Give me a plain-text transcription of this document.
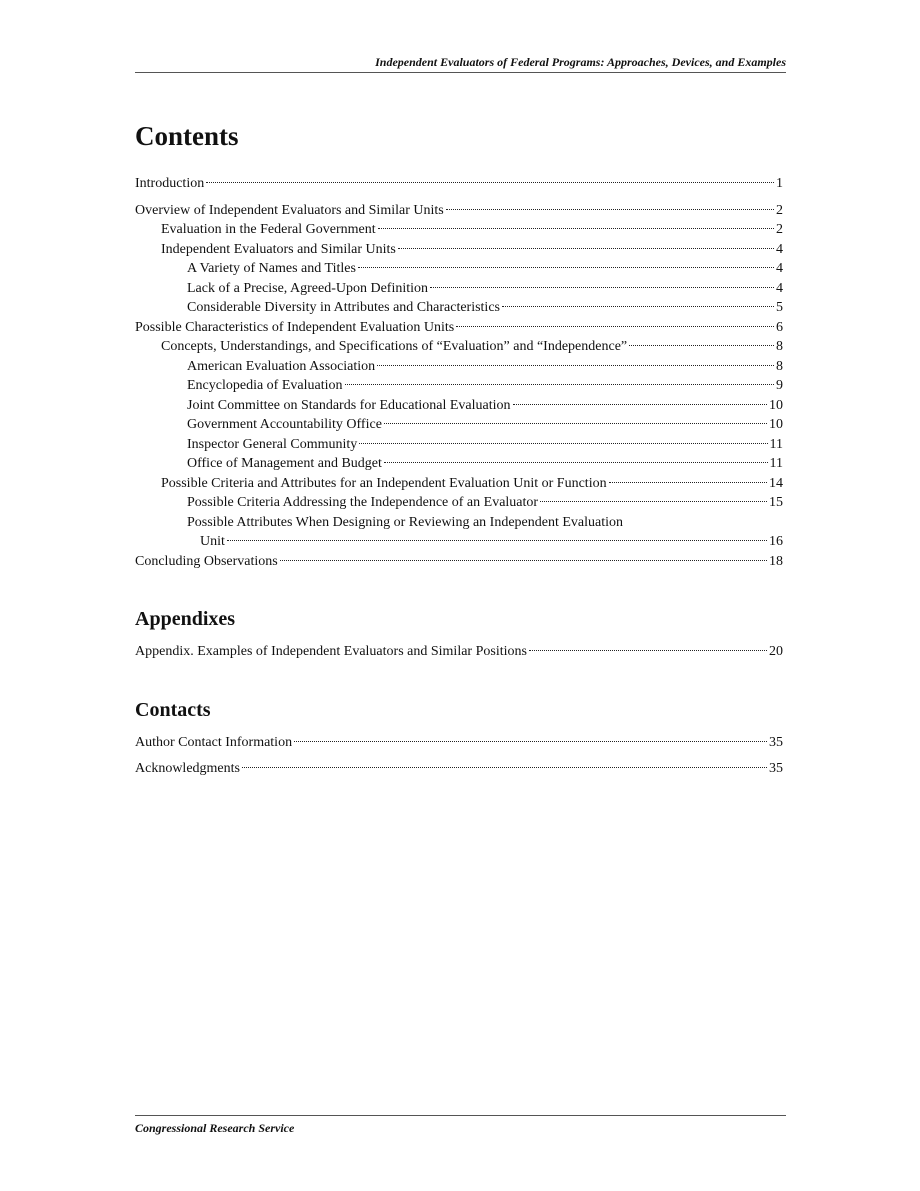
Independent Evaluators of Federal Programs: Approaches, Devices, and Examples
Contents
Introduction	1
Overview of Independent Evaluators and Similar Units	2
Evaluation in the Federal Government	2
Independent Evaluators and Similar Units	4
A Variety of Names and Titles	4
Lack of a Precise, Agreed-Upon Definition	4
Considerable Diversity in Attributes and Characteristics	5
Possible Characteristics of Independent Evaluation Units	6
Concepts, Understandings, and Specifications of “Evaluation” and “Independence”	8
American Evaluation Association	8
Encyclopedia of Evaluation	9
Joint Committee on Standards for Educational Evaluation	10
Government Accountability Office	10
Inspector General Community	11
Office of Management and Budget	11
Possible Criteria and Attributes for an Independent Evaluation Unit or Function	14
Possible Criteria Addressing the Independence of an Evaluator	15
Possible Attributes When Designing or Reviewing an Independent Evaluation
Unit	16
Concluding Observations	18
Appendixes
Appendix. Examples of Independent Evaluators and Similar Positions	20
Contacts
Author Contact Information	35
Acknowledgments	35
Congressional Research Service
